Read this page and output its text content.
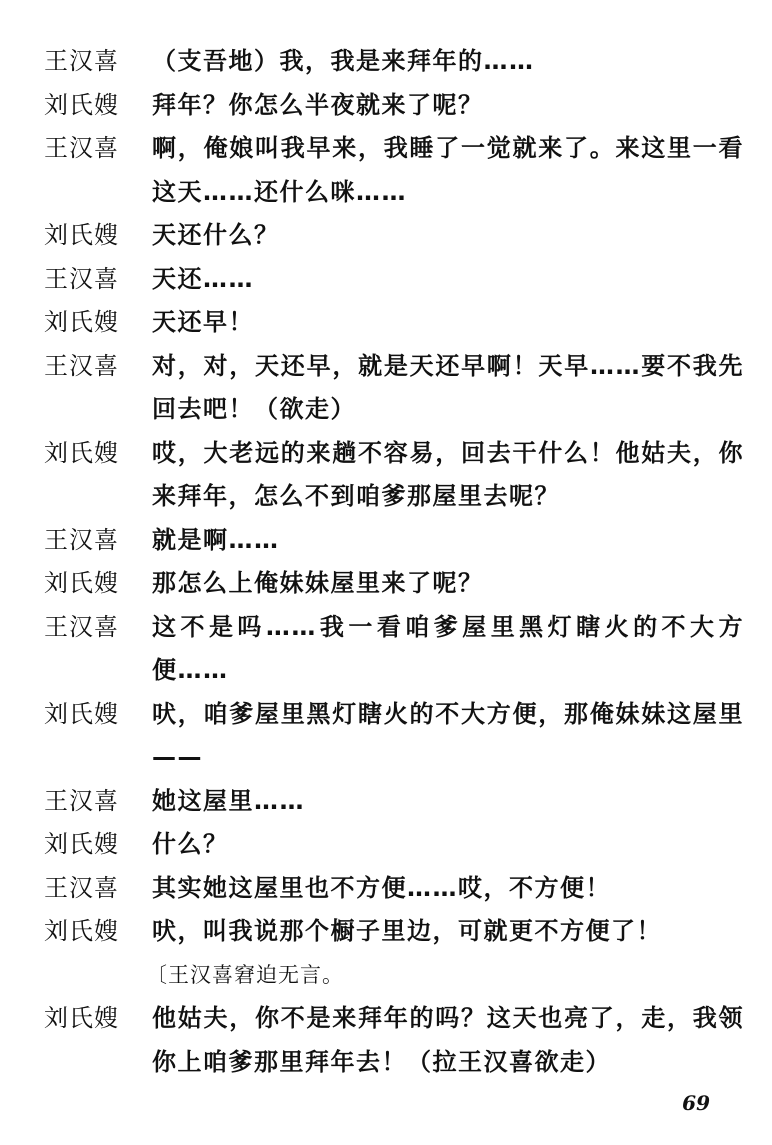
王汉喜	（支吾地）我，我是来拜年的……
刘氏嫂	拜年？你怎么半夜就来了呢？
王汉喜	啊，俺娘叫我早来，我睡了一觉就来了。来这里一看这天……还什么咪……
刘氏嫂	天还什么？
王汉喜	天还……
刘氏嫂	天还早！
王汉喜	对，对，天还早，就是天还早啊！天早……要不我先回去吧！（欲走）
刘氏嫂	哎，大老远的来趟不容易，回去干什么！他姑夫，你来拜年，怎么不到咱爹那屋里去呢？
王汉喜	就是啊……
刘氏嫂	那怎么上俺妹妹屋里来了呢？
王汉喜	这不是吗……我一看咱爹屋里黑灯瞎火的不大方便……
刘氏嫂	吠，咱爹屋里黑灯瞎火的不大方便，那俺妹妹这屋里——
王汉喜	她这屋里……
刘氏嫂	什么？
王汉喜	其实她这屋里也不方便……哎，不方便！
刘氏嫂	吠，叫我说那个橱子里边，可就更不方便了！
〔王汉喜窘迫无言。
刘氏嫂	他姑夫，你不是来拜年的吗？这天也亮了，走，我领你上咱爹那里拜年去！（拉王汉喜欲走）
69
